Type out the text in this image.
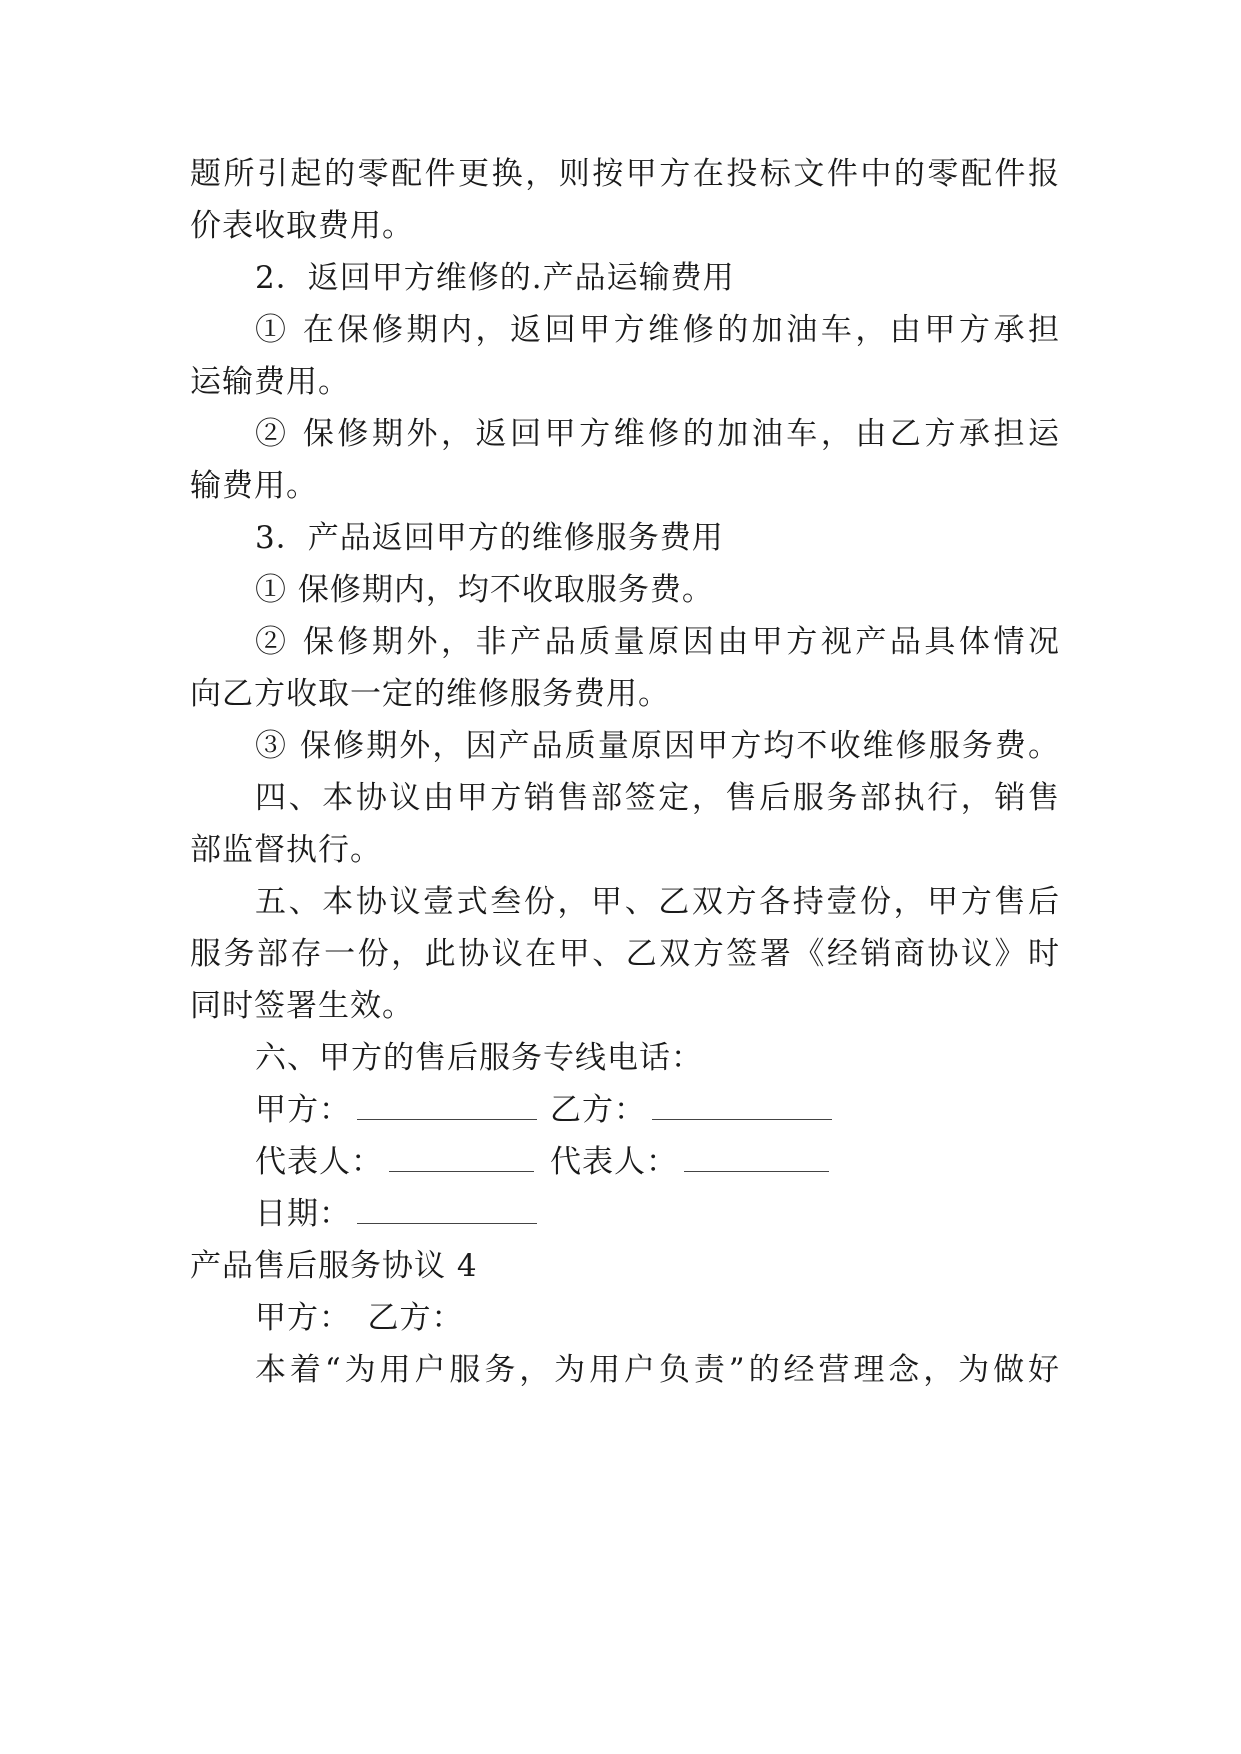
题所引起的零配件更换，则按甲方在投标文件中的零配件报
价表收取费用。
2．返回甲方维修的.产品运输费用
① 在保修期内，返回甲方维修的加油车，由甲方承担
运输费用。
② 保修期外，返回甲方维修的加油车，由乙方承担运
输费用。
3．产品返回甲方的维修服务费用
① 保修期内，均不收取服务费。
② 保修期外，非产品质量原因由甲方视产品具体情况
向乙方收取一定的维修服务费用。
③ 保修期外，因产品质量原因甲方均不收维修服务费。
四、本协议由甲方销售部签定，售后服务部执行，销售
部监督执行。
五、本协议壹式叁份，甲、乙双方各持壹份，甲方售后
服务部存一份，此协议在甲、乙双方签署《经销商协议》时
同时签署生效。
六、甲方的售后服务专线电话：
甲方：	乙方：
代表人：	代表人：
日期：
产品售后服务协议 4
甲方：　乙方：
本着“为用户服务，为用户负责”的经营理念，为做好
